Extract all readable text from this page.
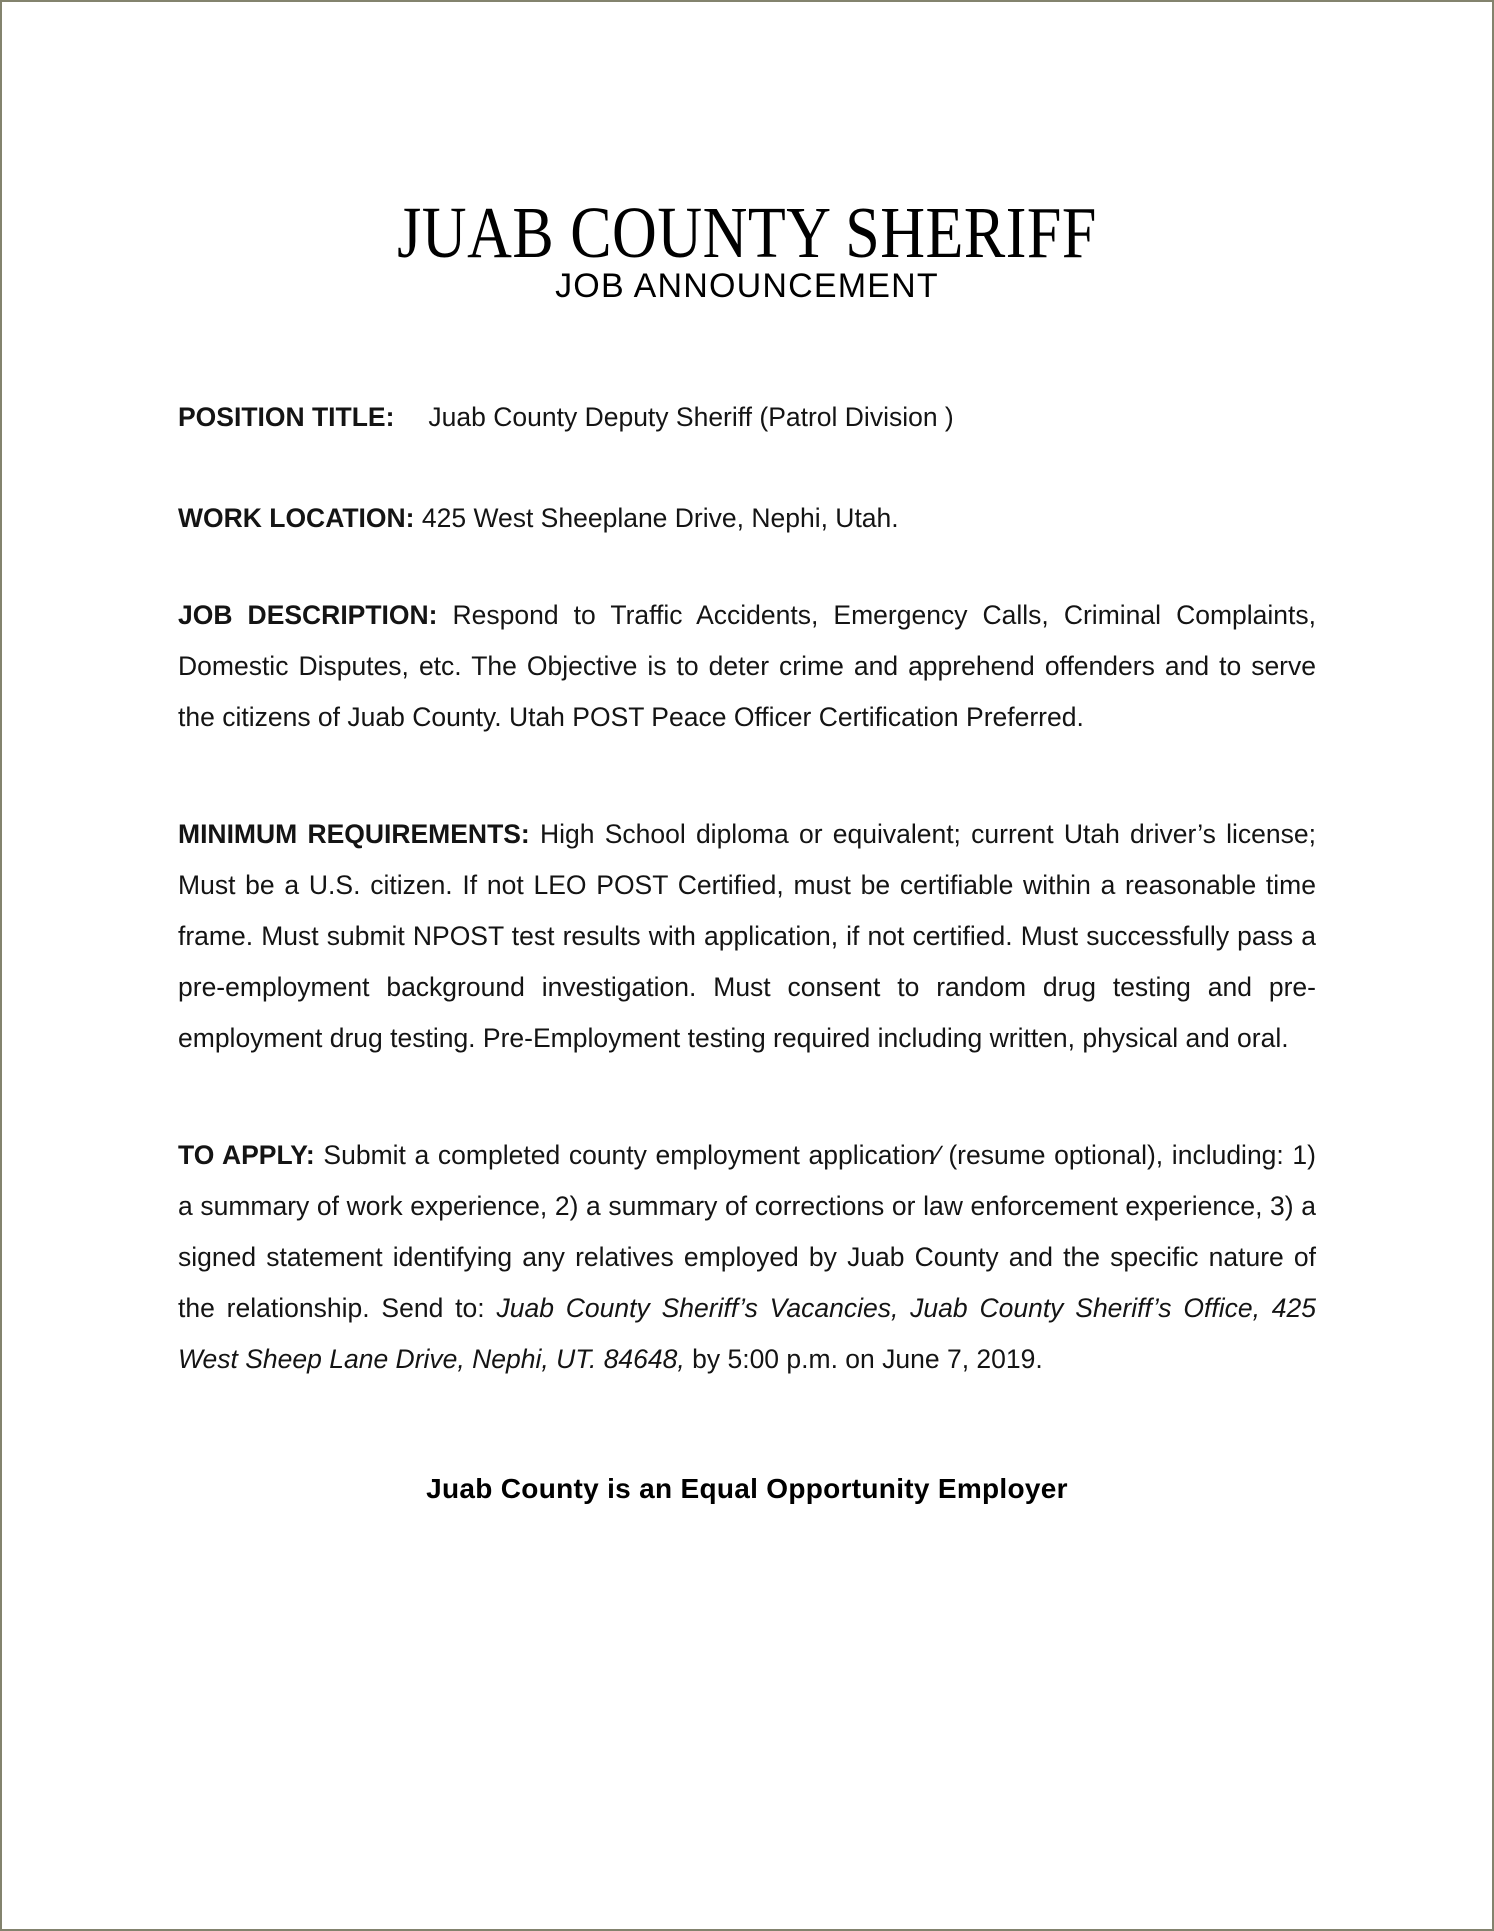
JUAB COUNTY SHERIFF
JOB ANNOUNCEMENT

POSITION TITLE: Juab County Deputy Sheriff (Patrol Division )

WORK LOCATION: 425 West Sheeplane Drive, Nephi, Utah.

JOB DESCRIPTION: Respond to Traffic Accidents, Emergency Calls, Criminal Complaints, Domestic Disputes, etc. The Objective is to deter crime and apprehend offenders and to serve the citizens of Juab County. Utah POST Peace Officer Certification Preferred.

MINIMUM REQUIREMENTS: High School diploma or equivalent; current Utah driver’s license; Must be a U.S. citizen. If not LEO POST Certified, must be certifiable within a reasonable time frame. Must submit NPOST test results with application, if not certified. Must successfully pass a pre-employment background investigation. Must consent to random drug testing and pre-employment drug testing. Pre-Employment testing required including written, physical and oral.

TO APPLY: Submit a completed county employment application∕ (resume optional), including: 1) a summary of work experience, 2) a summary of corrections or law enforcement experience, 3) a signed statement identifying any relatives employed by Juab County and the specific nature of the relationship. Send to: Juab County Sheriff’s Vacancies, Juab County Sheriff’s Office, 425 West Sheep Lane Drive, Nephi, UT. 84648, by 5:00 p.m. on June 7, 2019.

Juab County is an Equal Opportunity Employer
